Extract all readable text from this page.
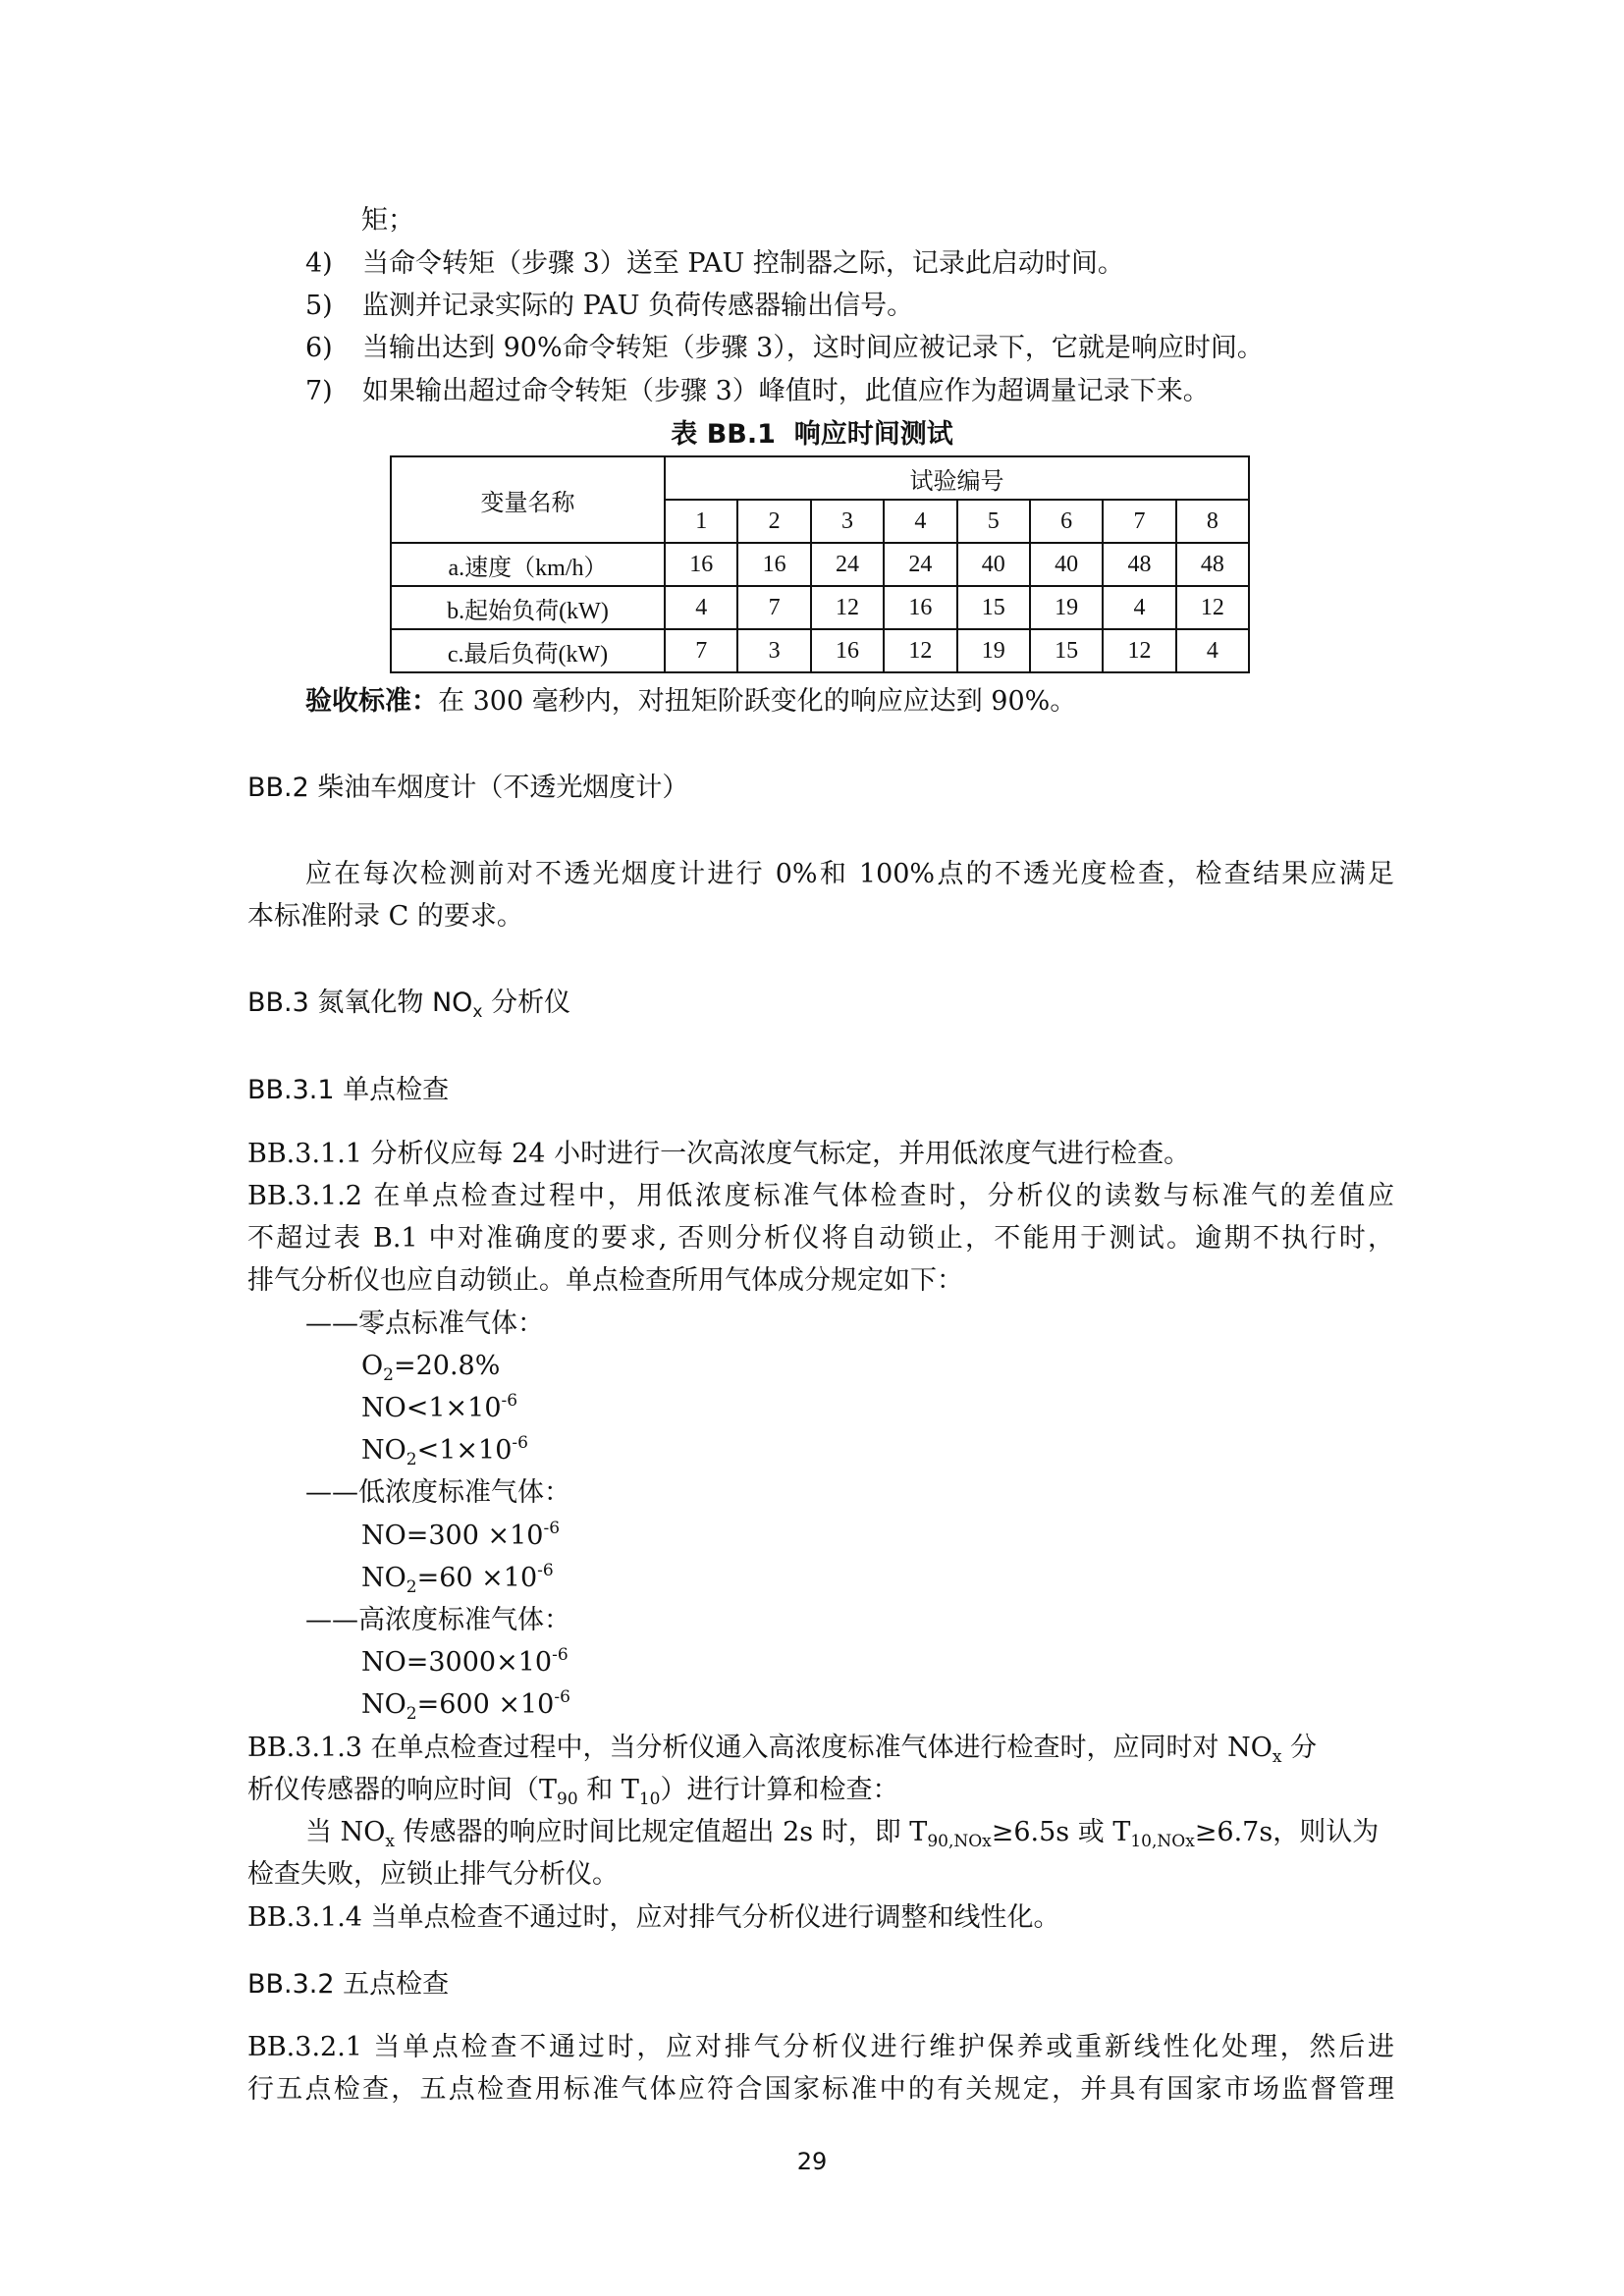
矩；
4) 当命令转矩（步骤 3）送至 PAU 控制器之际，记录此启动时间。
5) 监测并记录实际的 PAU 负荷传感器输出信号。
6) 当输出达到 90%命令转矩（步骤 3），这时间应被记录下，它就是响应时间。
7) 如果输出超过命令转矩（步骤 3）峰值时，此值应作为超调量记录下来。
表 BB.1  响应时间测试
变量名称	试验编号							
	1	2	3	4	5	6	7	8
a.速度（km/h）	16	16	24	24	40	40	48	48
b.起始负荷(kW)	4	7	12	16	15	19	4	12
c.最后负荷(kW)	7	3	16	12	19	15	12	4
验收标准：在 300 毫秒内，对扭矩阶跃变化的响应应达到 90%。
BB.2 柴油车烟度计（不透光烟度计）
应在每次检测前对不透光烟度计进行 0%和 100%点的不透光度检查，检查结果应满足
本标准附录 C 的要求。
BB.3 氮氧化物 $NO_x$ 分析仪
BB.3.1 单点检查
BB.3.1.1 分析仪应每 24 小时进行一次高浓度气标定，并用低浓度气进行检查。
BB.3.1.2 在单点检查过程中，用低浓度标准气体检查时，分析仪的读数与标准气的差值应
不超过表 B.1 中对准确度的要求, 否则分析仪将自动锁止，不能用于测试。逾期不执行时，
排气分析仪也应自动锁止。单点检查所用气体成分规定如下：
——零点标准气体：
$O_2=20.8\%$
$NO<1\times 10^{-6}$
$NO_2<1\times 10^{-6}$
——低浓度标准气体：
$NO=300 \times 10^{-6}$
$NO_2=60 \times 10^{-6}$
——高浓度标准气体：
$NO=3000\times 10^{-6}$
$NO_2=600 \times 10^{-6}$
BB.3.1.3 在单点检查过程中，当分析仪通入高浓度标准气体进行检查时，应同时对 $NO_x$ 分
析仪传感器的响应时间（$T_{90}$ 和 $T_{10}$）进行计算和检查：
当 $NO_x$ 传感器的响应时间比规定值超出 2s 时，即 $T_{90,NOx}\ge 6.5s$ 或 $T_{10,NOx}\ge 6.7s$，则认为
检查失败，应锁止排气分析仪。
BB.3.1.4 当单点检查不通过时，应对排气分析仪进行调整和线性化。
BB.3.2 五点检查
BB.3.2.1 当单点检查不通过时，应对排气分析仪进行维护保养或重新线性化处理，然后进
行五点检查，五点检查用标准气体应符合国家标准中的有关规定，并具有国家市场监督管理
29
